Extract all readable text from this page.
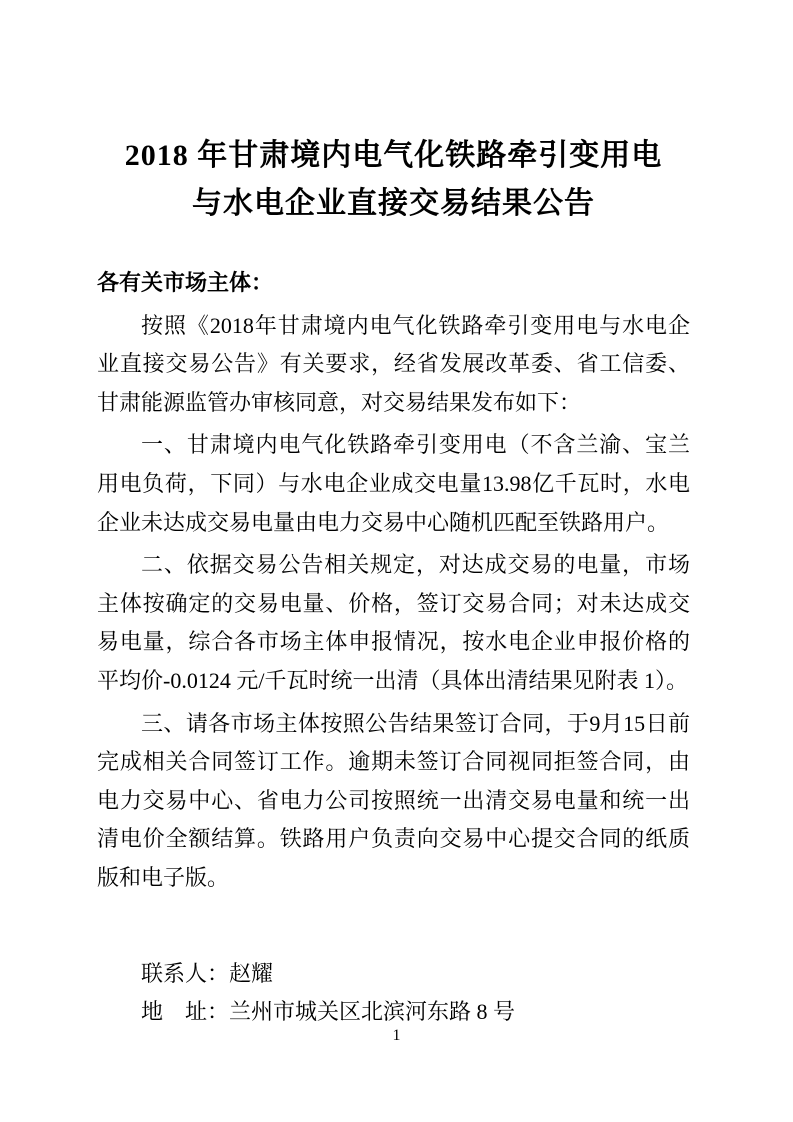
2018 年甘肃境内电气化铁路牵引变用电
与水电企业直接交易结果公告

各有关市场主体：

按照《2018年甘肃境内电气化铁路牵引变用电与水电企业直接交易公告》有关要求，经省发展改革委、省工信委、甘肃能源监管办审核同意，对交易结果发布如下：

一、甘肃境内电气化铁路牵引变用电（不含兰渝、宝兰用电负荷，下同）与水电企业成交电量13.98亿千瓦时，水电企业未达成交易电量由电力交易中心随机匹配至铁路用户。

二、依据交易公告相关规定，对达成交易的电量，市场主体按确定的交易电量、价格，签订交易合同；对未达成交易电量，综合各市场主体申报情况，按水电企业申报价格的平均价-0.0124 元/千瓦时统一出清（具体出清结果见附表 1）。

三、请各市场主体按照公告结果签订合同，于9月15日前完成相关合同签订工作。逾期未签订合同视同拒签合同，由电力交易中心、省电力公司按照统一出清交易电量和统一出清电价全额结算。铁路用户负责向交易中心提交合同的纸质版和电子版。

联系人：赵耀

地　址：兰州市城关区北滨河东路 8 号

1
